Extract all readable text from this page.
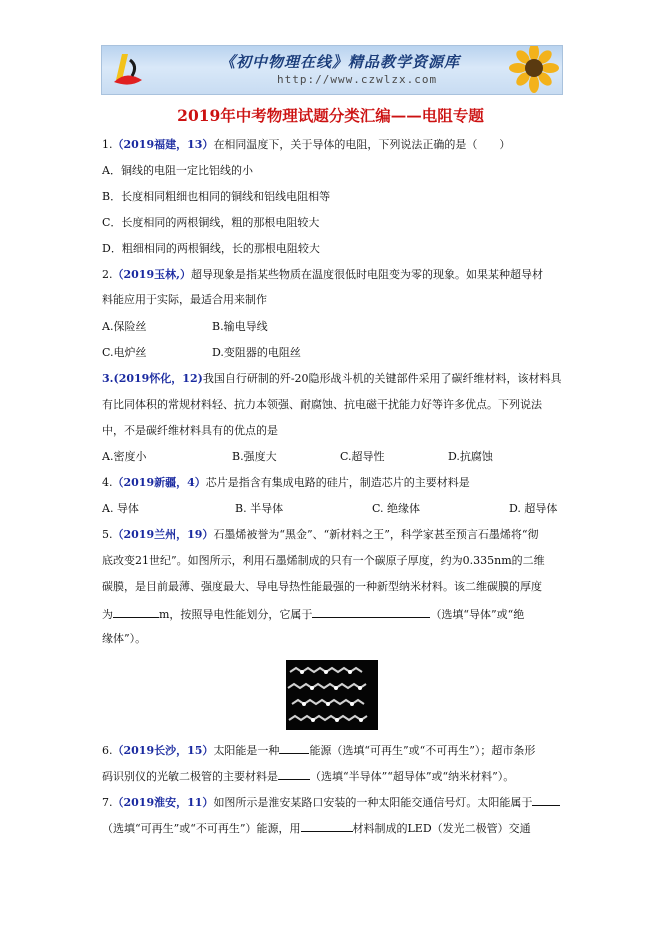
《初中物理在线》精品教学资源库
http://www.czwlzx.com
2019年中考物理试题分类汇编——电阻专题
1.（2019福建，13）在相同温度下，关于导体的电阻，下列说法正确的是（　　）
A．铜线的电阻一定比铝线的小
B．长度相同粗细也相同的铜线和铝线电阻相等
C．长度相同的两根铜线，粗的那根电阻较大
D．粗细相同的两根铜线，长的那根电阻较大
2.（2019玉林,）超导现象是指某些物质在温度很低时电阻变为零的现象。如果某种超导材
料能应用于实际，最适合用来制作
A.保险丝	B.输电导线
C.电炉丝	D.变阻器的电阻丝
3.(2019怀化，12)我国自行研制的歼-20隐形战斗机的关键部件采用了碳纤维材料，该材料具
有比同体积的常规材料轻、抗力本领强、耐腐蚀、抗电磁干扰能力好等许多优点。下列说法
中，不是碳纤维材料具有的优点的是
A.密度小	B.强度大	C.超导性	D.抗腐蚀
4.（2019新疆，4）芯片是指含有集成电路的硅片，制造芯片的主要材料是
A. 导体	B. 半导体	C. 绝缘体	D. 超导体
5.（2019兰州，19）石墨烯被誉为“黑金”、“新材料之王”，科学家甚至预言石墨烯将“彻
底改变21世纪”。如图所示，利用石墨烯制成的只有一个碳原子厚度，约为0.335nm的二维
碳膜，是目前最薄、强度最大、导电导热性能最强的一种新型纳米材料。该二维碳膜的厚度
为	m，按照导电性能划分，它属于	（选填“导体”或“绝
缘体”）。
6.（2019长沙，15）太阳能是一种	能源（选填“可再生”或“不可再生”）；超市条形
码识别仪的光敏二极管的主要材料是	（选填“半导体”“超导体”或“纳米材料”）。
7.（2019淮安，11）如图所示是淮安某路口安装的一种太阳能交通信号灯。太阳能属于
（选填“可再生”或“不可再生”）能源，用	材料制成的LED（发光二极管）交通
